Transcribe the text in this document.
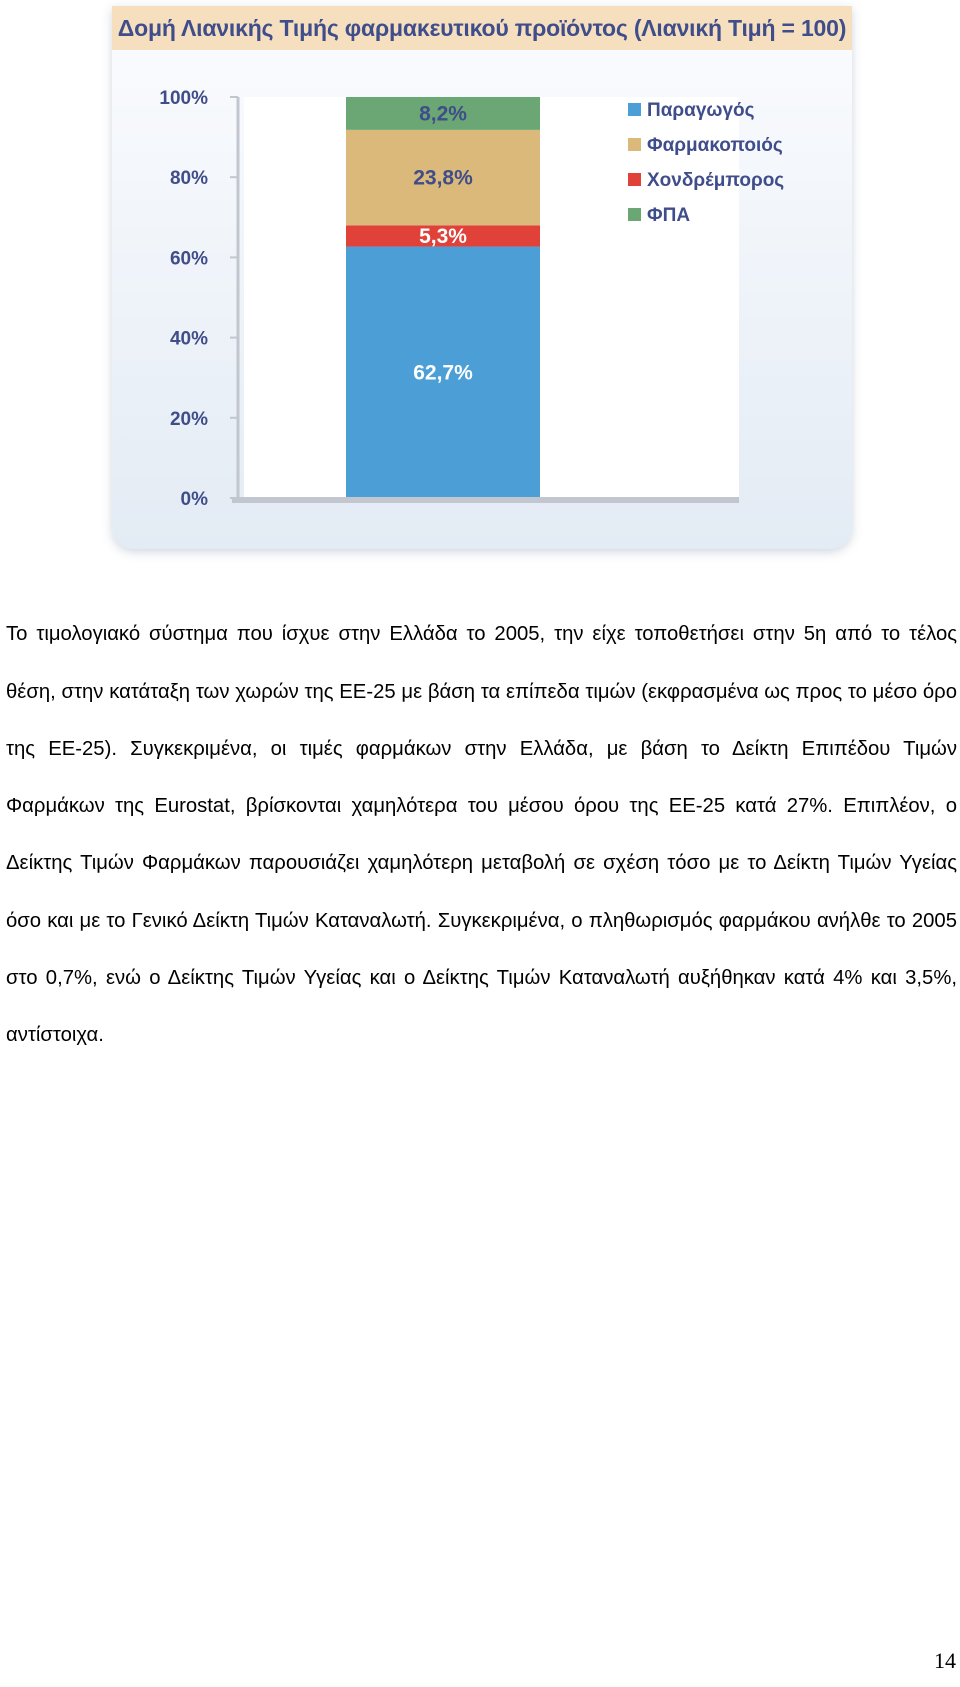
Δομή Λιανικής Τιμής φαρμακευτικού προϊόντος (Λιανική Τιμή = 100)
0%
20%
40%
60%
80%
100%
62,7%
5,3%
23,8%
8,2%	Παραγωγός
Φαρμακοποιός
Χονδρέμπορος
ΦΠΑ

Το τιμολογιακό σύστημα που ίσχυε στην Ελλάδα το 2005, την είχε τοποθετήσει στην 5η από το τέλος θέση, στην κατάταξη των χωρών της ΕΕ-25 με βάση τα επίπεδα τιμών (εκφρασμένα ως προς το μέσο όρο της ΕΕ-25). Συγκεκριμένα, οι τιμές φαρμάκων στην Ελλάδα, με βάση το Δείκτη Επιπέδου Τιμών Φαρμάκων της Eurostat, βρίσκονται χαμηλότερα του μέσου όρου της ΕΕ-25 κατά 27%. Επιπλέον, ο Δείκτης Τιμών Φαρμάκων παρουσιάζει χαμηλότερη μεταβολή σε σχέση τόσο με το Δείκτη Τιμών Υγείας όσο και με το Γενικό Δείκτη Τιμών Καταναλωτή. Συγκεκριμένα, ο πληθωρισμός φαρμάκου ανήλθε το 2005 στο 0,7%, ενώ ο Δείκτης Τιμών Υγείας και ο Δείκτης Τιμών Καταναλωτή αυξήθηκαν κατά 4% και 3,5%, αντίστοιχα.

14
